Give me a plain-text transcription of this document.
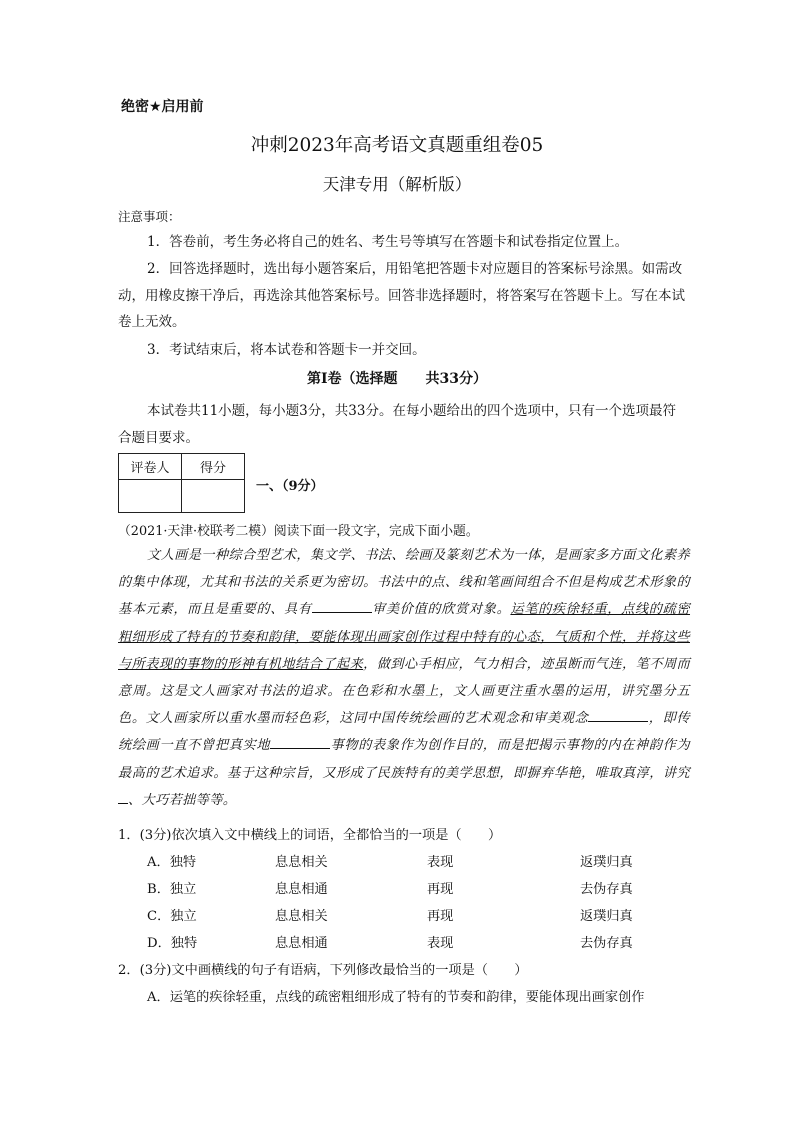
绝密★启用前
冲刺2023年高考语文真题重组卷05
天津专用（解析版）
注意事项：
1．答卷前，考生务必将自己的姓名、考生号等填写在答题卡和试卷指定位置上。
2．回答选择题时，选出每小题答案后，用铅笔把答题卡对应题目的答案标号涂黑。如需改动，用橡皮擦干净后，再选涂其他答案标号。回答非选择题时，将答案写在答题卡上。写在本试卷上无效。
3．考试结束后，将本试卷和答题卡一并交回。
第Ⅰ卷（选择题　　共33分）
本试卷共11小题，每小题3分，共33分。在每小题给出的四个选项中，只有一个选项最符合题目要求。
评卷人	得分

一、（9分）
（2021·天津·校联考二模）阅读下面一段文字，完成下面小题。
文人画是一种综合型艺术，集文学、书法、绘画及篆刻艺术为一体，是画家多方面文化素养的集中体现，尤其和书法的关系更为密切。书法中的点、线和笔画间组合不但是构成艺术形象的基本元素，而且是重要的、具有	审美价值的欣赏对象。运笔的疾徐轻重，点线的疏密粗细形成了特有的节奏和韵律，要能体现出画家创作过程中特有的心态，气质和个性，并将这些与所表现的事物的形神有机地结合了起来，做到心手相应，气力相合，迹虽断而气连，笔不周而意周。这是文人画家对书法的追求。在色彩和水墨上，文人画更注重水墨的运用，讲究墨分五色。文人画家所以重水墨而轻色彩，这同中国传统绘画的艺术观念和审美观念	，即传统绘画一直不曾把真实地	事物的表象作为创作目的，而是把揭示事物的内在神韵作为最高的艺术追求。基于这种宗旨，又形成了民族特有的美学思想，即摒弃华艳，唯取真淳，讲究、大巧若拙等等。
1．(3分)依次填入文中横线上的词语，全都恰当的一项是（　　）
A．独特	息息相关	表现	返璞归真
B．独立	息息相通	再现	去伪存真
C．独立	息息相关	再现	返璞归真
D．独特	息息相通	表现	去伪存真
2．(3分)文中画横线的句子有语病，下列修改最恰当的一项是（　　）
A．运笔的疾徐轻重，点线的疏密粗细形成了特有的节奏和韵律，要能体现出画家创作
